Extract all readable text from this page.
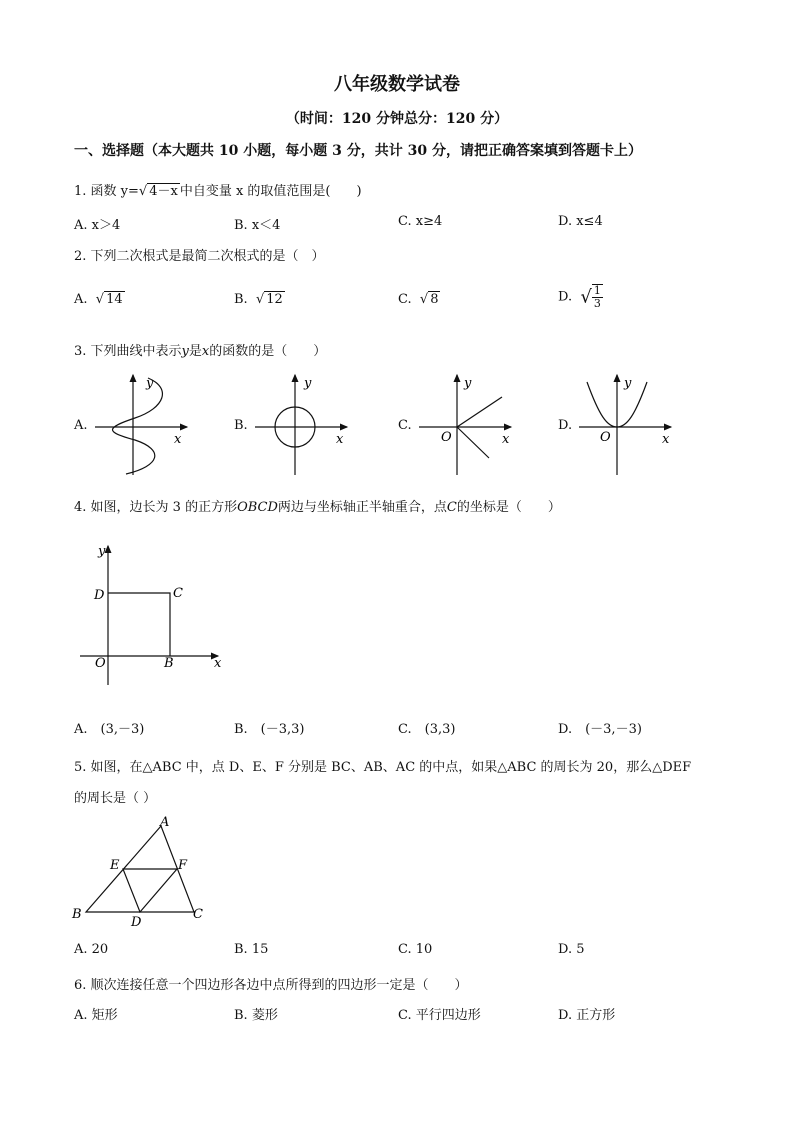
八年级数学试卷
（时间：120 分钟总分：120 分）
一、选择题（本大题共 10 小题，每小题 3 分，共计 30 分，请把正确答案填到答题卡上）
1. 函数 y=√ 4－x 中自变量 x 的取值范围是(　　)
A. x＞4	B. x＜4	C. x≥4	D. x≤4
2. 下列二次根式是最简二次根式的是（　）
A. √ 14	B. √ 12	C. √ 8	D. √ $\frac{1}{3}$
3. 下列曲线中表示y是x的函数的是（　　）
A.	B.	C.	D.
y
x
y
x
y
x
O
y
x
O
4. 如图，边长为 3 的正方形OBCD两边与坐标轴正半轴重合，点C的坐标是（　　）
y
D	C
O	B	x
A.　(3,－3)	B.　(－3,3)	C.　(3,3)	D.　(－3,－3)
5. 如图，在△ABC 中，点 D、E、F 分别是 BC、AB、AC 的中点，如果△ABC 的周长为 20，那么△DEF
的周长是（ ）
A
B	C
D
E	F
A. 20	B. 15	C. 10	D. 5
6. 顺次连接任意一个四边形各边中点所得到的四边形一定是（　　）
A. 矩形	B. 菱形	C. 平行四边形	D. 正方形
